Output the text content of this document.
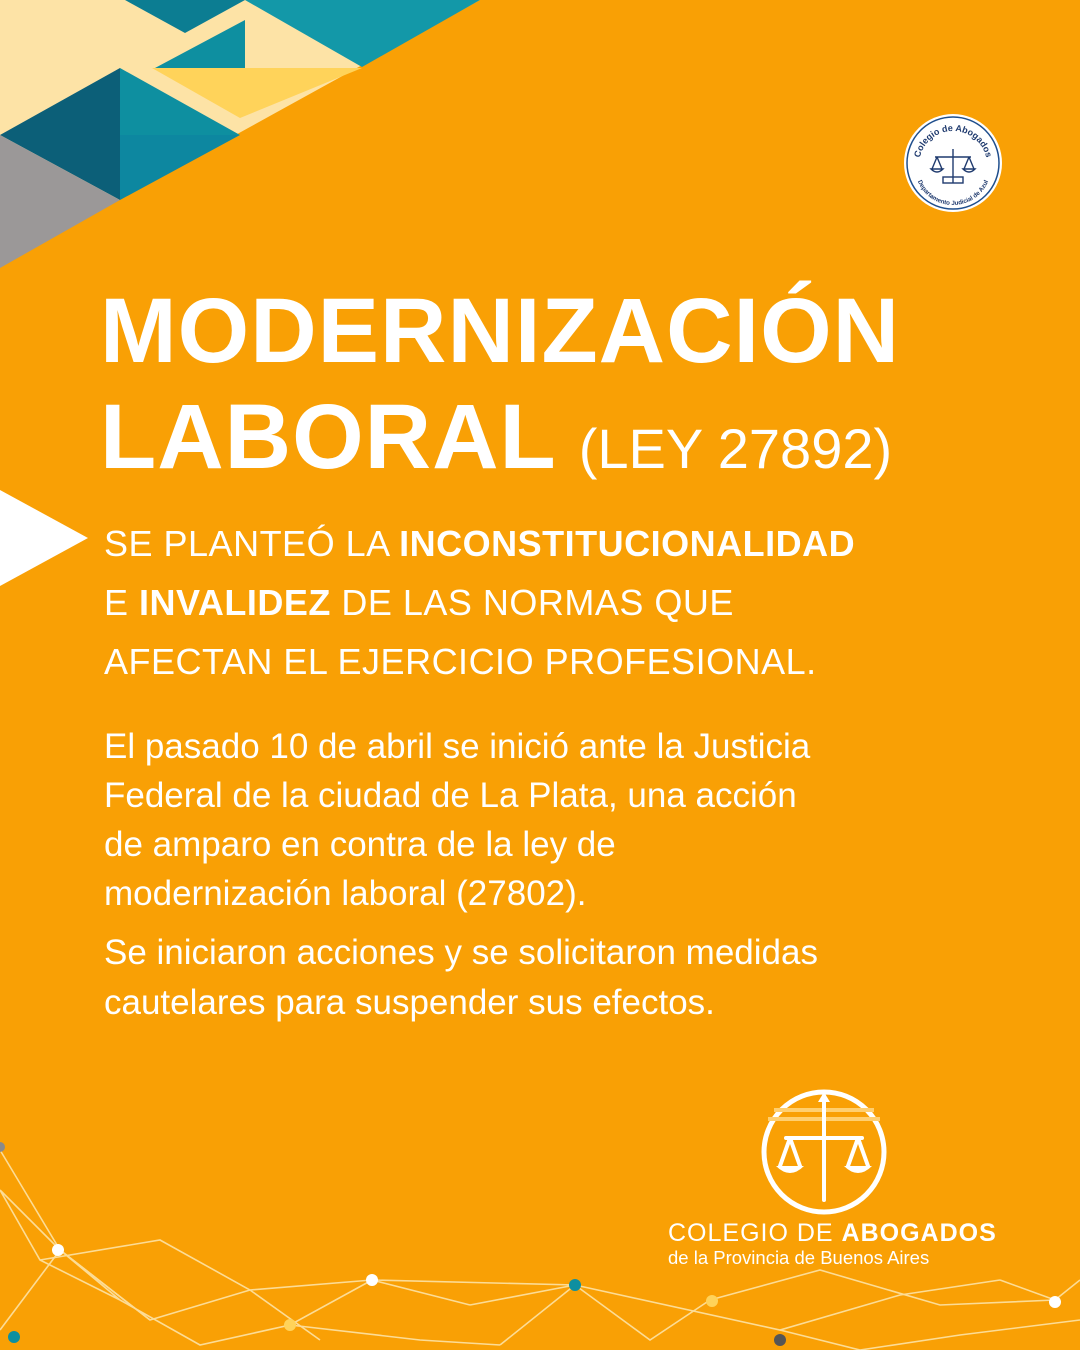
Colegio de Abogados
Departamento Judicial de Azul
MODERNIZACIÓN
LABORAL (LEY 27892)

SE PLANTEÓ LA INCONSTITUCIONALIDAD
E INVALIDEZ DE LAS NORMAS QUE
AFECTAN EL EJERCICIO PROFESIONAL.

El pasado 10 de abril se inició ante la Justicia
Federal de la ciudad de La Plata, una acción
de amparo en contra de la ley de
modernización laboral (27802).

Se iniciaron acciones y se solicitaron medidas
cautelares para suspender sus efectos.

COLEGIO DE ABOGADOS
de la Provincia de Buenos Aires
